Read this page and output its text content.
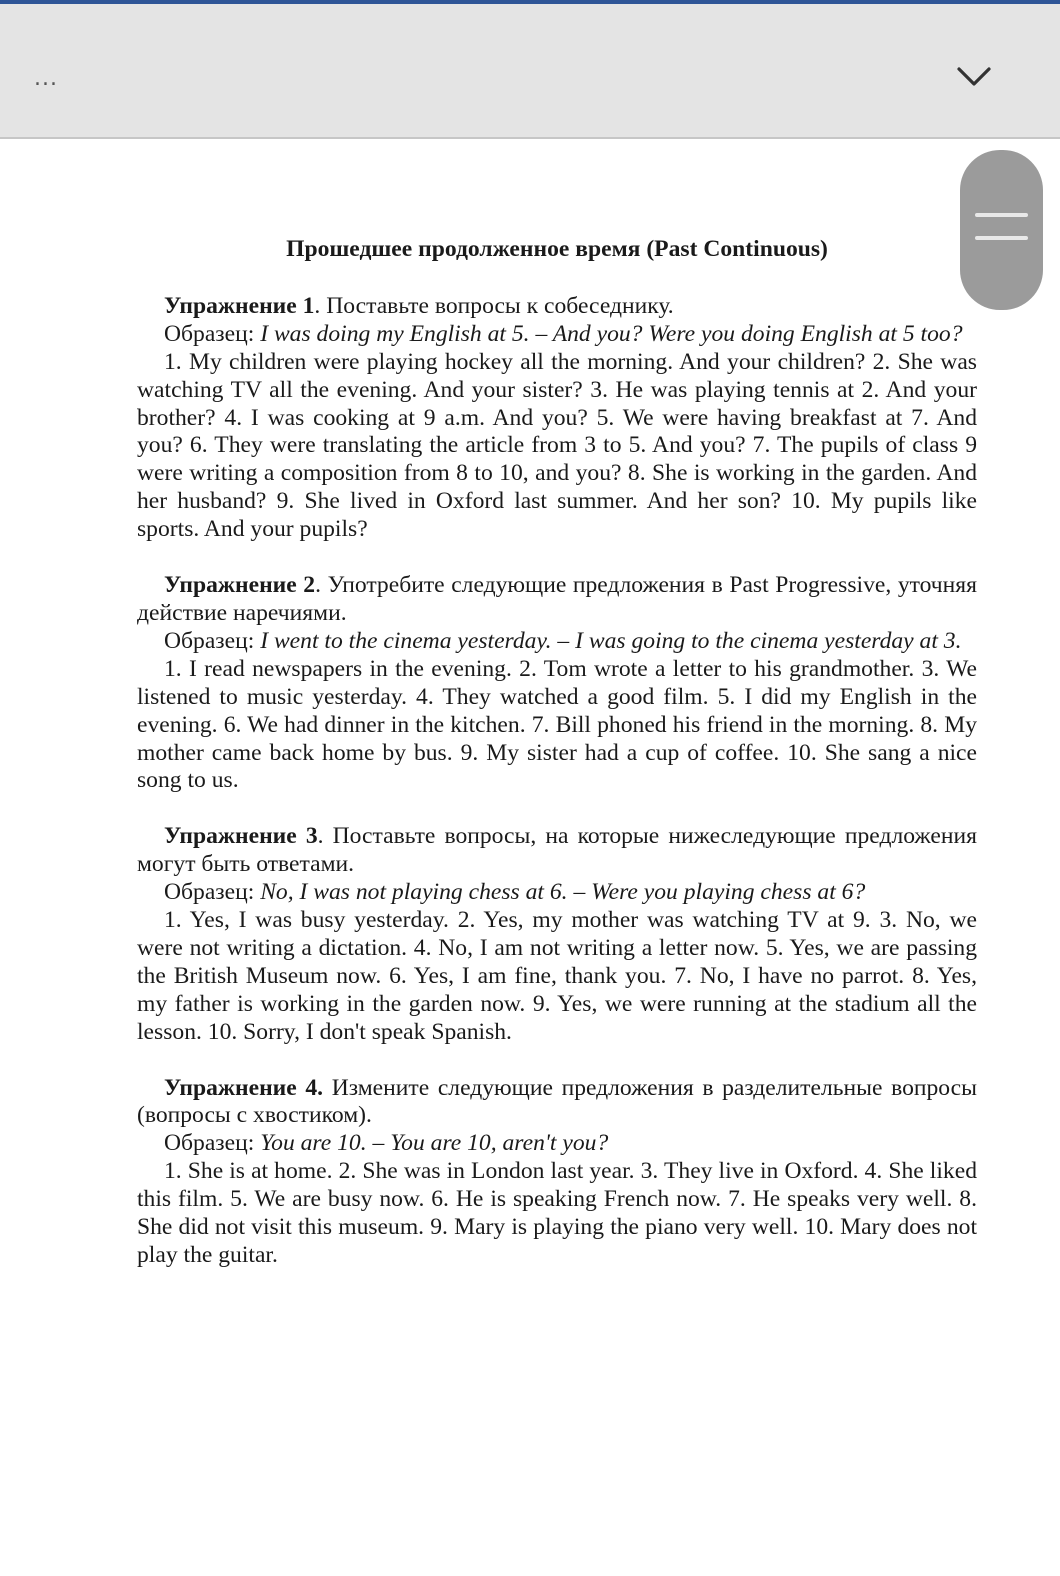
...
Прошедшее продолженное время (Past Continuous)

Упражнение 1. Поставьте вопросы к собеседнику.

Образец: I was doing my English at 5. – And you? Were you doing English at 5 too?

1. My children were playing hockey all the morning. And your children? 2. She was watching TV all the evening. And your sister? 3. He was playing tennis at 2. And your brother? 4. I was cooking at 9 a.m. And you? 5. We were having breakfast at 7. And you? 6. They were translating the article from 3 to 5. And you? 7. The pupils of class 9 were writing a composition from 8 to 10, and you? 8. She is working in the garden. And her husband? 9. She lived in Oxford last summer. And her son? 10. My pupils like sports. And your pupils?

Упражнение 2. Употребите следующие предложения в Past Progressive, уточняя действие наречиями.

Образец: I went to the cinema yesterday. – I was going to the cinema yesterday at 3.

1. I read newspapers in the evening. 2. Tom wrote a letter to his grandmother. 3. We listened to music yesterday. 4. They watched a good film. 5. I did my English in the evening. 6. We had dinner in the kitchen. 7. Bill phoned his friend in the morning. 8. My mother came back home by bus. 9. My sister had a cup of coffee. 10. She sang a nice song to us.

Упражнение 3. Поставьте вопросы, на которые нижеследующие предложения могут быть ответами.

Образец: No, I was not playing chess at 6. – Were you playing chess at 6?

1. Yes, I was busy yesterday. 2. Yes, my mother was watching TV at 9. 3. No, we were not writing a dictation. 4. No, I am not writing a letter now. 5. Yes, we are passing the British Museum now. 6. Yes, I am fine, thank you. 7. No, I have no parrot. 8. Yes, my father is working in the garden now. 9. Yes, we were running at the stadium all the lesson. 10. Sorry, I don't speak Spanish.

Упражнение 4. Измените следующие предложения в разделительные вопросы (вопросы с хвостиком).

Образец: You are 10. – You are 10, aren't you?

1. She is at home. 2. She was in London last year. 3. They live in Oxford. 4. She liked this film. 5. We are busy now. 6. He is speaking French now. 7. He speaks very well. 8. She did not visit this museum. 9. Mary is playing the piano very well. 10. Mary does not play the guitar.
